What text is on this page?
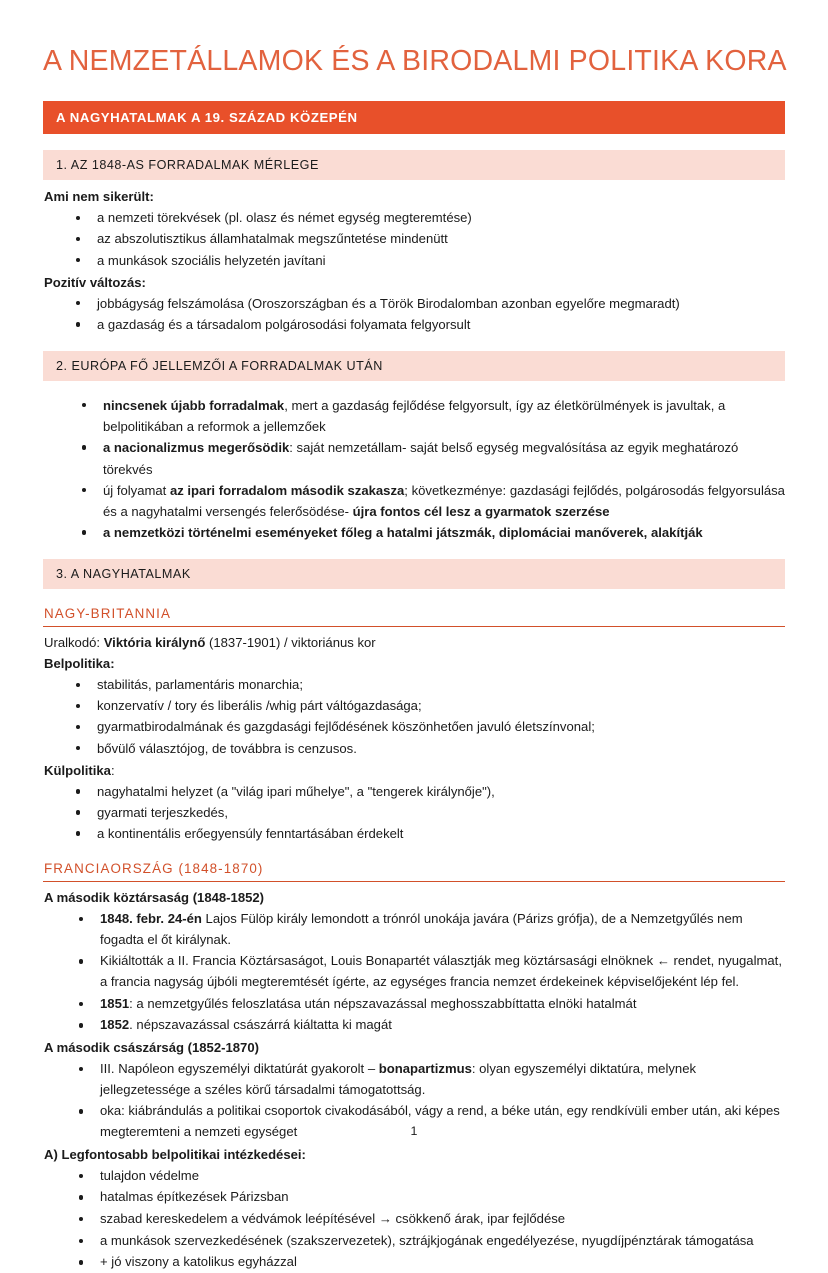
A NEMZETÁLLAMOK ÉS A BIRODALMI POLITIKA KORA
A NAGYHATALMAK A 19. SZÁZAD KÖZEPÉN
1. AZ 1848-AS FORRADALMAK MÉRLEGE
Ami nem sikerült:
a nemzeti törekvések (pl. olasz és német egység megteremtése)
az abszolutisztikus államhatalmak megszűntetése mindenütt
a munkások szociális helyzetén javítani
Pozitív változás:
jobbágyság felszámolása (Oroszországban és a Török Birodalomban azonban egyelőre megmaradt)
a gazdaság és a társadalom polgárosodási folyamata felgyorsult
2. EURÓPA FŐ JELLEMZŐI A FORRADALMAK UTÁN
nincsenek újabb forradalmak, mert a gazdaság fejlődése felgyorsult, így az életkörülmények is javultak, a belpolitikában a reformok a jellemzőek
a nacionalizmus megerősödik: saját nemzetállam- saját belső egység megvalósítása az egyik meghatározó törekvés
új folyamat az ipari forradalom második szakasza; következménye: gazdasági fejlődés, polgárosodás felgyorsulása és a nagyhatalmi versengés felerősödése- újra fontos cél lesz a gyarmatok szerzése
a nemzetközi történelmi eseményeket főleg a hatalmi játszmák, diplomáciai manőverek, alakítják
3. A NAGYHATALMAK
NAGY-BRITANNIA
Uralkodó: Viktória királynő (1837-1901) / viktoriánus kor
Belpolitika:
stabilitás, parlamentáris monarchia;
konzervatív / tory és liberális /whig párt váltógazdasága;
gyarmatbirodalmának és gazgdasági fejlődésének köszönhetően javuló életszínvonal;
bővülő választójog, de továbbra is cenzusos.
Külpolitika:
nagyhatalmi helyzet (a "világ ipari műhelye", a "tengerek királynője"),
gyarmati terjeszkedés,
a kontinentális erőegyensúly fenntartásában érdekelt
FRANCIAORSZÁG (1848-1870)
A második köztársaság (1848-1852)
1848. febr. 24-én Lajos Fülöp király lemondott a trónról unokája javára (Párizs grófja), de a Nemzetgyűlés nem fogadta el őt királynak.
Kikiáltották a II. Francia Köztársaságot, Louis Bonapartét választják meg köztársasági elnöknek ← rendet, nyugalmat, a francia nagyság újbóli megteremtését ígérte, az egységes francia nemzet érdekeinek képviselőjeként lép fel.
1851: a nemzetgyűlés feloszlatása után népszavazással meghosszabbíttatta elnöki hatalmát
1852. népszavazással császárrá kiáltatta ki magát
A második császárság (1852-1870)
III. Napóleon egyszemélyi diktatúrát gyakorolt – bonapartizmus: olyan egyszemélyi diktatúra, melynek jellegzetessége a széles körű társadalmi támogatottság.
oka: kiábrándulás a politikai csoportok civakodásából, vágy a rend, a béke után, egy rendkívüli ember után, aki képes megteremteni a nemzeti egységet
A) Legfontosabb belpolitikai intézkedései:
tulajdon védelme
hatalmas építkezések Párizsban
szabad kereskedelem a védvámok leépítésével → csökkenő árak, ipar fejlődése
a munkások szervezkedésének (szakszervezetek), sztrájkjogának engedélyezése, nyugdíjpénztárak támogatása
+ jó viszony a katolikus egyházzal
1
